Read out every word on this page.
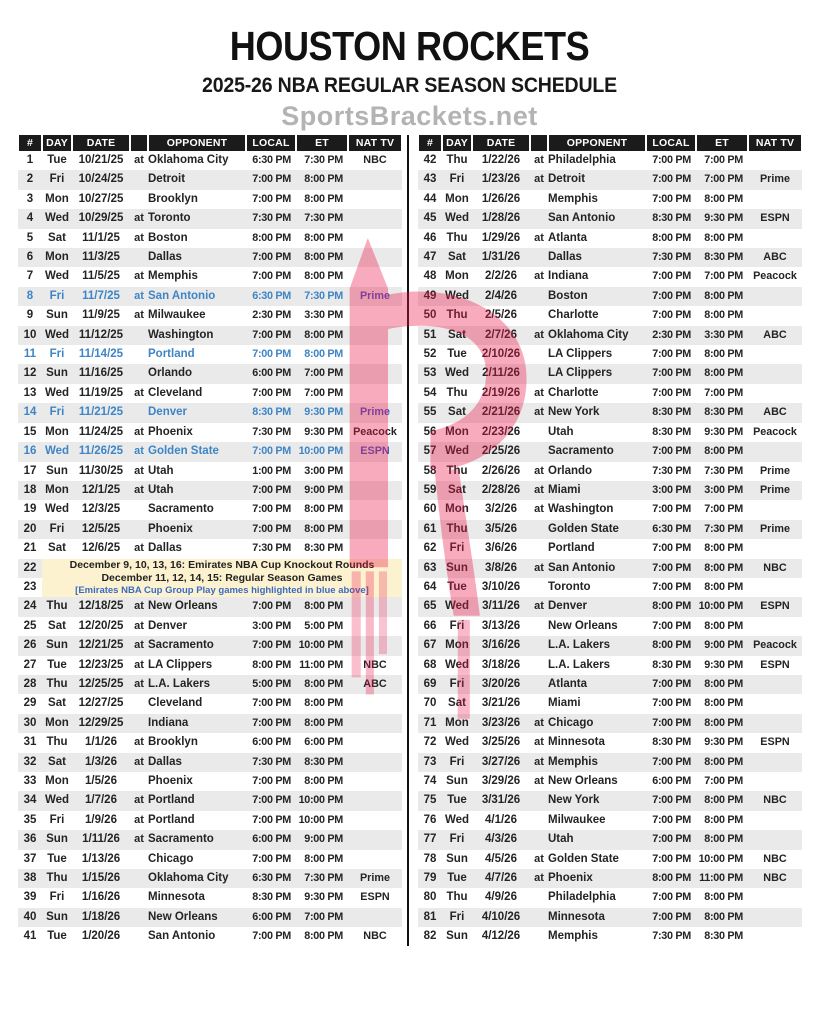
HOUSTON ROCKETS
2025-26 NBA REGULAR SEASON SCHEDULE
SportsBrackets.net
#	DAY	DATE		OPPONENT	LOCAL	ET	NAT TV
1	Tue	10/21/25	at	Oklahoma City	6:30 PM	7:30 PM	NBC
2	Fri	10/24/25		Detroit	7:00 PM	8:00 PM	
3	Mon	10/27/25		Brooklyn	7:00 PM	8:00 PM	
4	Wed	10/29/25	at	Toronto	7:30 PM	7:30 PM	
5	Sat	11/1/25	at	Boston	8:00 PM	8:00 PM	
6	Mon	11/3/25		Dallas	7:00 PM	8:00 PM	
7	Wed	11/5/25	at	Memphis	7:00 PM	8:00 PM	
8	Fri	11/7/25	at	San Antonio	6:30 PM	7:30 PM	Prime
9	Sun	11/9/25	at	Milwaukee	2:30 PM	3:30 PM	
10	Wed	11/12/25		Washington	7:00 PM	8:00 PM	
11	Fri	11/14/25		Portland	7:00 PM	8:00 PM	
12	Sun	11/16/25		Orlando	6:00 PM	7:00 PM	
13	Wed	11/19/25	at	Cleveland	7:00 PM	7:00 PM	
14	Fri	11/21/25		Denver	8:30 PM	9:30 PM	Prime
15	Mon	11/24/25	at	Phoenix	7:30 PM	9:30 PM	Peacock
16	Wed	11/26/25	at	Golden State	7:00 PM	10:00 PM	ESPN
17	Sun	11/30/25	at	Utah	1:00 PM	3:00 PM	
18	Mon	12/1/25	at	Utah	7:00 PM	9:00 PM	
19	Wed	12/3/25		Sacramento	7:00 PM	8:00 PM	
20	Fri	12/5/25		Phoenix	7:00 PM	8:00 PM	
21	Sat	12/6/25	at	Dallas	7:30 PM	8:30 PM	
22	December 9, 10, 13, 16: Emirates NBA Cup Knockout Rounds
December 11, 12, 14, 15: Regular Season Games
[Emirates NBA Cup Group Play games highlighted in blue above]						

23							
24	Thu	12/18/25	at	New Orleans	7:00 PM	8:00 PM	
25	Sat	12/20/25	at	Denver	3:00 PM	5:00 PM	
26	Sun	12/21/25	at	Sacramento	7:00 PM	10:00 PM	
27	Tue	12/23/25	at	LA Clippers	8:00 PM	11:00 PM	NBC
28	Thu	12/25/25	at	L.A. Lakers	5:00 PM	8:00 PM	ABC
29	Sat	12/27/25		Cleveland	7:00 PM	8:00 PM	
30	Mon	12/29/25		Indiana	7:00 PM	8:00 PM	
31	Thu	1/1/26	at	Brooklyn	6:00 PM	6:00 PM	
32	Sat	1/3/26	at	Dallas	7:30 PM	8:30 PM	
33	Mon	1/5/26		Phoenix	7:00 PM	8:00 PM	
34	Wed	1/7/26	at	Portland	7:00 PM	10:00 PM	
35	Fri	1/9/26	at	Portland	7:00 PM	10:00 PM	
36	Sun	1/11/26	at	Sacramento	6:00 PM	9:00 PM	
37	Tue	1/13/26		Chicago	7:00 PM	8:00 PM	
38	Thu	1/15/26		Oklahoma City	6:30 PM	7:30 PM	Prime
39	Fri	1/16/26		Minnesota	8:30 PM	9:30 PM	ESPN
40	Sun	1/18/26		New Orleans	6:00 PM	7:00 PM	
41	Tue	1/20/26		San Antonio	7:00 PM	8:00 PM	NBC
#	DAY	DATE		OPPONENT	LOCAL	ET	NAT TV
42	Thu	1/22/26	at	Philadelphia	7:00 PM	7:00 PM	
43	Fri	1/23/26	at	Detroit	7:00 PM	7:00 PM	Prime
44	Mon	1/26/26		Memphis	7:00 PM	8:00 PM	
45	Wed	1/28/26		San Antonio	8:30 PM	9:30 PM	ESPN
46	Thu	1/29/26	at	Atlanta	8:00 PM	8:00 PM	
47	Sat	1/31/26		Dallas	7:30 PM	8:30 PM	ABC
48	Mon	2/2/26	at	Indiana	7:00 PM	7:00 PM	Peacock
49	Wed	2/4/26		Boston	7:00 PM	8:00 PM	
50	Thu	2/5/26		Charlotte	7:00 PM	8:00 PM	
51	Sat	2/7/26	at	Oklahoma City	2:30 PM	3:30 PM	ABC
52	Tue	2/10/26		LA Clippers	7:00 PM	8:00 PM	
53	Wed	2/11/26		LA Clippers	7:00 PM	8:00 PM	
54	Thu	2/19/26	at	Charlotte	7:00 PM	7:00 PM	
55	Sat	2/21/26	at	New York	8:30 PM	8:30 PM	ABC
56	Mon	2/23/26		Utah	8:30 PM	9:30 PM	Peacock
57	Wed	2/25/26		Sacramento	7:00 PM	8:00 PM	
58	Thu	2/26/26	at	Orlando	7:30 PM	7:30 PM	Prime
59	Sat	2/28/26	at	Miami	3:00 PM	3:00 PM	Prime
60	Mon	3/2/26	at	Washington	7:00 PM	7:00 PM	
61	Thu	3/5/26		Golden State	6:30 PM	7:30 PM	Prime
62	Fri	3/6/26		Portland	7:00 PM	8:00 PM	
63	Sun	3/8/26	at	San Antonio	7:00 PM	8:00 PM	NBC
64	Tue	3/10/26		Toronto	7:00 PM	8:00 PM	
65	Wed	3/11/26	at	Denver	8:00 PM	10:00 PM	ESPN
66	Fri	3/13/26		New Orleans	7:00 PM	8:00 PM	
67	Mon	3/16/26		L.A. Lakers	8:00 PM	9:00 PM	Peacock
68	Wed	3/18/26		L.A. Lakers	8:30 PM	9:30 PM	ESPN
69	Fri	3/20/26		Atlanta	7:00 PM	8:00 PM	
70	Sat	3/21/26		Miami	7:00 PM	8:00 PM	
71	Mon	3/23/26	at	Chicago	7:00 PM	8:00 PM	
72	Wed	3/25/26	at	Minnesota	8:30 PM	9:30 PM	ESPN
73	Fri	3/27/26	at	Memphis	7:00 PM	8:00 PM	
74	Sun	3/29/26	at	New Orleans	6:00 PM	7:00 PM	
75	Tue	3/31/26		New York	7:00 PM	8:00 PM	NBC
76	Wed	4/1/26		Milwaukee	7:00 PM	8:00 PM	
77	Fri	4/3/26		Utah	7:00 PM	8:00 PM	
78	Sun	4/5/26	at	Golden State	7:00 PM	10:00 PM	NBC
79	Tue	4/7/26	at	Phoenix	8:00 PM	11:00 PM	NBC
80	Thu	4/9/26		Philadelphia	7:00 PM	8:00 PM	
81	Fri	4/10/26		Minnesota	7:00 PM	8:00 PM	
82	Sun	4/12/26		Memphis	7:30 PM	8:30 PM	
